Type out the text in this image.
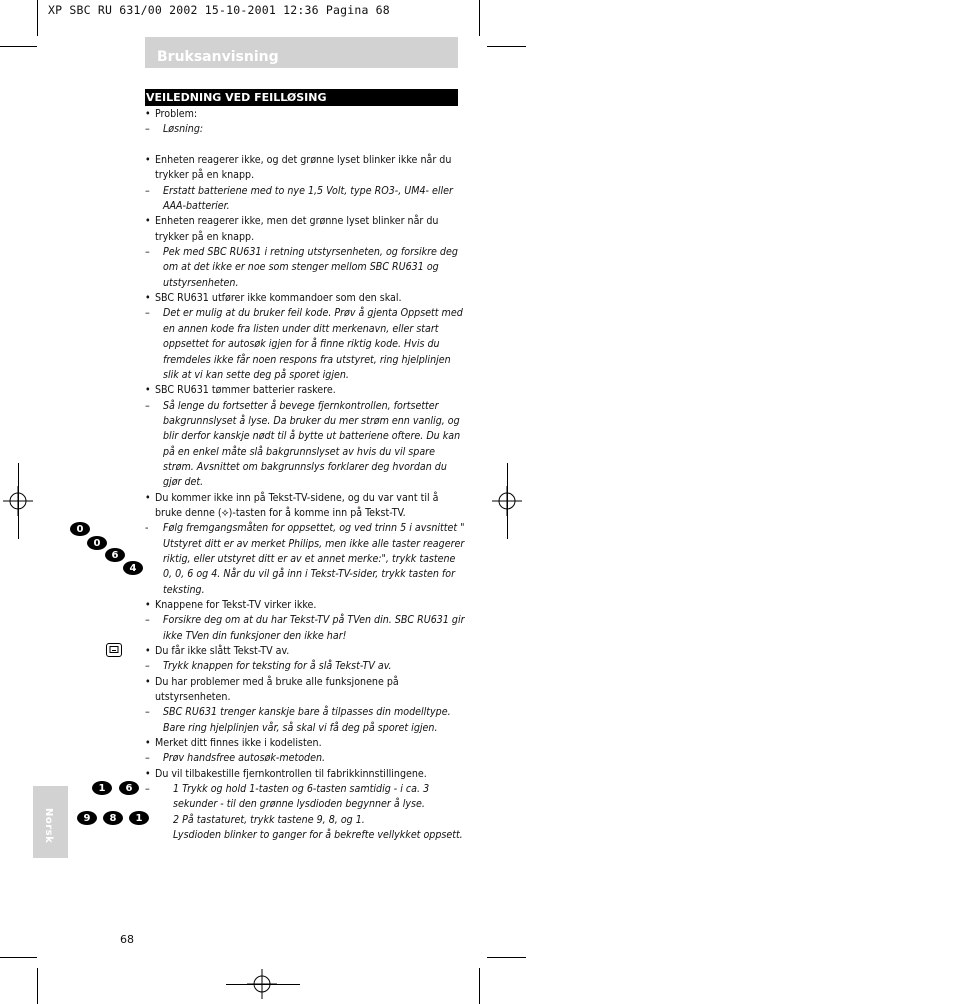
XP SBC RU 631/00 2002 15-10-2001 12:36 Pagina 68
Bruksanvisning
VEILEDNING VED FEILLØSING
0
0
6
4
1	6
9	8	1
• Problem:
– Løsning:
• Enheten reagerer ikke, og det grønne lyset blinker ikke når du trykker på en knapp.
– Erstatt batteriene med to nye 1,5 Volt, type RO3-, UM4- eller AAA-batterier.
• Enheten reagerer ikke, men det grønne lyset blinker når du trykker på en knapp.
– Pek med SBC RU631 i retning utstyrsenheten, og forsikre deg om at det ikke er noe som stenger mellom SBC RU631 og utstyrsenheten.
• SBC RU631 utfører ikke kommandoer som den skal.
– Det er mulig at du bruker feil kode. Prøv å gjenta Oppsett med en annen kode fra listen under ditt merkenavn, eller start oppsettet for autosøk igjen for å finne riktig kode. Hvis du fremdeles ikke får noen respons fra utstyret, ring hjelplinjen slik at vi kan sette deg på sporet igjen.
• SBC RU631 tømmer batterier raskere.
– Så lenge du fortsetter å bevege fjernkontrollen, fortsetter bakgrunnslyset å lyse. Da bruker du mer strøm enn vanlig, og blir derfor kanskje nødt til å bytte ut batteriene oftere. Du kan på en enkel måte slå bakgrunnslyset av hvis du vil spare strøm. Avsnittet om bakgrunnslys forklarer deg hvordan du gjør det.
• Du kommer ikke inn på Tekst-TV-sidene, og du var vant til å bruke denne (⟡)-tasten for å komme inn på Tekst-TV.
- Følg fremgangsmåten for oppsettet, og ved trinn 5 i avsnittet " Utstyret ditt er av merket Philips, men ikke alle taster reagerer riktig, eller utstyret ditt er av et annet merke:", trykk tastene 0, 0, 6 og 4. Når du vil gå inn i Tekst-TV-sider, trykk tasten for teksting.
• Knappene for Tekst-TV virker ikke.
– Forsikre deg om at du har Tekst-TV på TVen din. SBC RU631 gir ikke TVen din funksjoner den ikke har!
• Du får ikke slått Tekst-TV av.
– Trykk knappen for teksting for å slå Tekst-TV av.
• Du har problemer med å bruke alle funksjonene på utstyrsenheten.
– SBC RU631 trenger kanskje bare å tilpasses din modelltype. Bare ring hjelplinjen vår, så skal vi få deg på sporet igjen.
• Merket ditt finnes ikke i kodelisten.
– Prøv handsfree autosøk-metoden.
• Du vil tilbakestille fjernkontrollen til fabrikkinnstillingene.
– 1 Trykk og hold 1-tasten og 6-tasten samtidig - i ca. 3 sekunder - til den grønne lysdioden begynner å lyse.
2 På tastaturet, trykk tastene 9, 8, og 1.
Lysdioden blinker to ganger for å bekrefte vellykket oppsett.
Norsk
68
